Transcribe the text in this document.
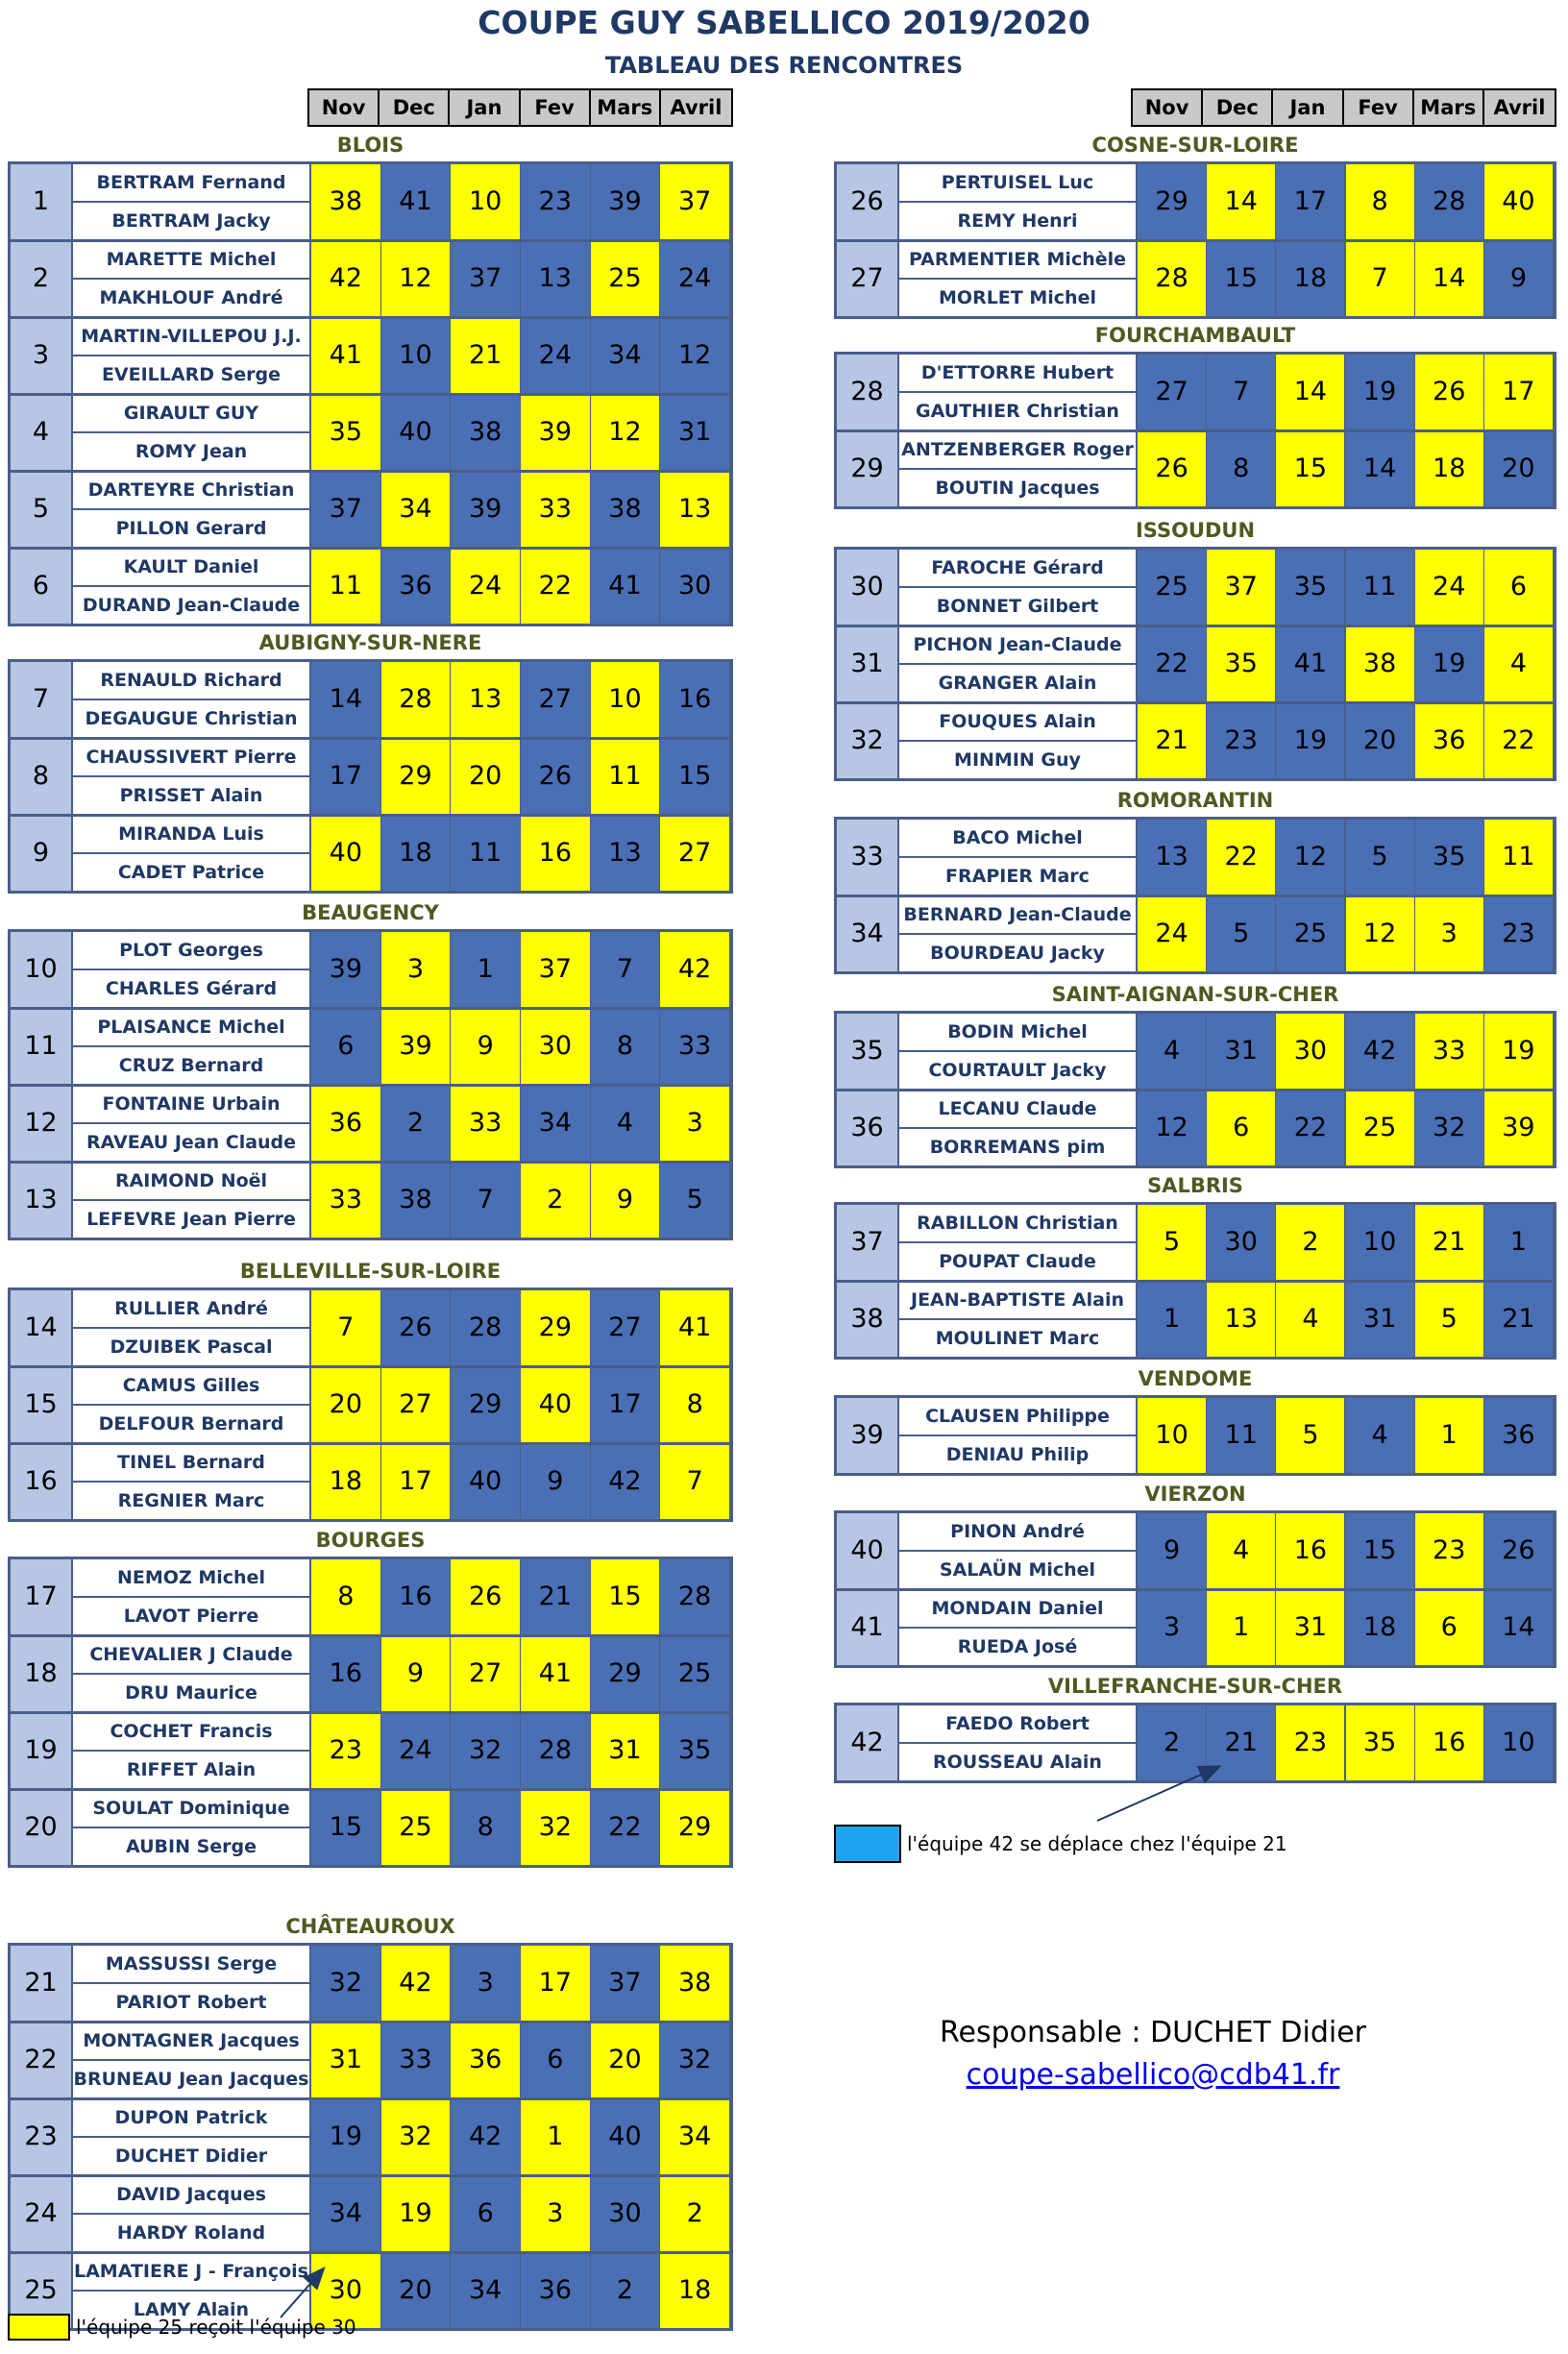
COUPE GUY SABELLICO 2019/2020
TABLEAU DES RENCONTRES
Nov	Dec	Jan	Fev	Mars Avril	Nov	Dec	Jan	Fev	Mars Avril
BLOIS
1
BERTRAM Fernand
BERTRAM Jacky
38	41	10	23	39	37
2
MARETTE Michel
MAKHLOUF André
42	12	37	13	25	24
3
MARTIN-VILLEPOU J.J.
EVEILLARD Serge
41	10	21	24	34	12
4
GIRAULT GUY
ROMY Jean
35	40	38	39	12	31
5
DARTEYRE Christian
PILLON Gerard
37	34	39	33	38	13
6
KAULT Daniel
DURAND Jean-Claude
11	36	24	22	41	30
AUBIGNY-SUR-NERE
7
RENAULD Richard
DEGAUGUE Christian
14	28	13	27	10	16
8
CHAUSSIVERT Pierre
PRISSET Alain
17	29	20	26	11	15
9
MIRANDA Luis
CADET Patrice
40	18	11	16	13	27
BEAUGENCY
10
PLOT Georges
CHARLES Gérard
39	3	1	37	7	42
11
PLAISANCE Michel
CRUZ Bernard
6	39	9	30	8	33
12
FONTAINE Urbain
RAVEAU Jean Claude
36	2	33	34	4	3
13
RAIMOND Noël
LEFEVRE Jean Pierre
33	38	7	2	9	5
BELLEVILLE-SUR-LOIRE
14
RULLIER André
DZUIBEK Pascal
7	26	28	29	27	41
15
CAMUS Gilles
DELFOUR Bernard
20	27	29	40	17	8
16
TINEL Bernard
REGNIER Marc
18	17	40	9	42	7
BOURGES
17
NEMOZ Michel
LAVOT Pierre
8	16	26	21	15	28
18
CHEVALIER J Claude
DRU Maurice
16	9	27	41	29	25
19
COCHET Francis
RIFFET Alain
23	24	32	28	31	35
20
SOULAT Dominique
AUBIN Serge
15	25	8	32	22	29
CHÂTEAUROUX
21
MASSUSSI Serge
PARIOT Robert
32	42	3	17	37	38
22
MONTAGNER Jacques
BRUNEAU Jean Jacques
31	33	36	6	20	32
23
DUPON Patrick
DUCHET Didier
19	32	42	1	40	34
24
DAVID Jacques
HARDY Roland
34	19	6	3	30	2
25
LAMATIERE J - François
LAMY Alain
30	20	34	36	2	18
COSNE-SUR-LOIRE
26
PERTUISEL Luc
REMY Henri
29	14	17	8	28	40
27
PARMENTIER Michèle
MORLET Michel
28	15	18	7	14	9
FOURCHAMBAULT
28
D'ETTORRE Hubert
GAUTHIER Christian
27	7	14	19	26	17
29
ANTZENBERGER Roger
BOUTIN Jacques
26	8	15	14	18	20
ISSOUDUN
30
FAROCHE Gérard
BONNET Gilbert
25	37	35	11	24	6
31
PICHON Jean-Claude
GRANGER Alain
22	35	41	38	19	4
32
FOUQUES Alain
MINMIN Guy
21	23	19	20	36	22
ROMORANTIN
33
BACO Michel
FRAPIER Marc
13	22	12	5	35	11
34
BERNARD Jean-Claude
BOURDEAU Jacky
24	5	25	12	3	23
SAINT-AIGNAN-SUR-CHER
35
BODIN Michel
COURTAULT Jacky
4	31	30	42	33	19
36
LECANU Claude
BORREMANS pim
12	6	22	25	32	39
SALBRIS
37
RABILLON Christian
POUPAT Claude
5	30	2	10	21	1
38
JEAN-BAPTISTE Alain
MOULINET Marc
1	13	4	31	5	21
VENDOME
39
CLAUSEN Philippe
DENIAU Philip
10	11	5	4	1	36
VIERZON
40
PINON André
SALAÜN Michel
9	4	16	15	23	26
41
MONDAIN Daniel
RUEDA José
3	1	31	18	6	14
VILLEFRANCHE-SUR-CHER
42
FAEDO Robert
ROUSSEAU Alain
2	21	23	35	16	10
l'équipe 42 se déplace chez l'équipe 21
l'équipe 25 reçoit l'équipe 30
Responsable : DUCHET Didier
coupe-sabellico@cdb41.fr
